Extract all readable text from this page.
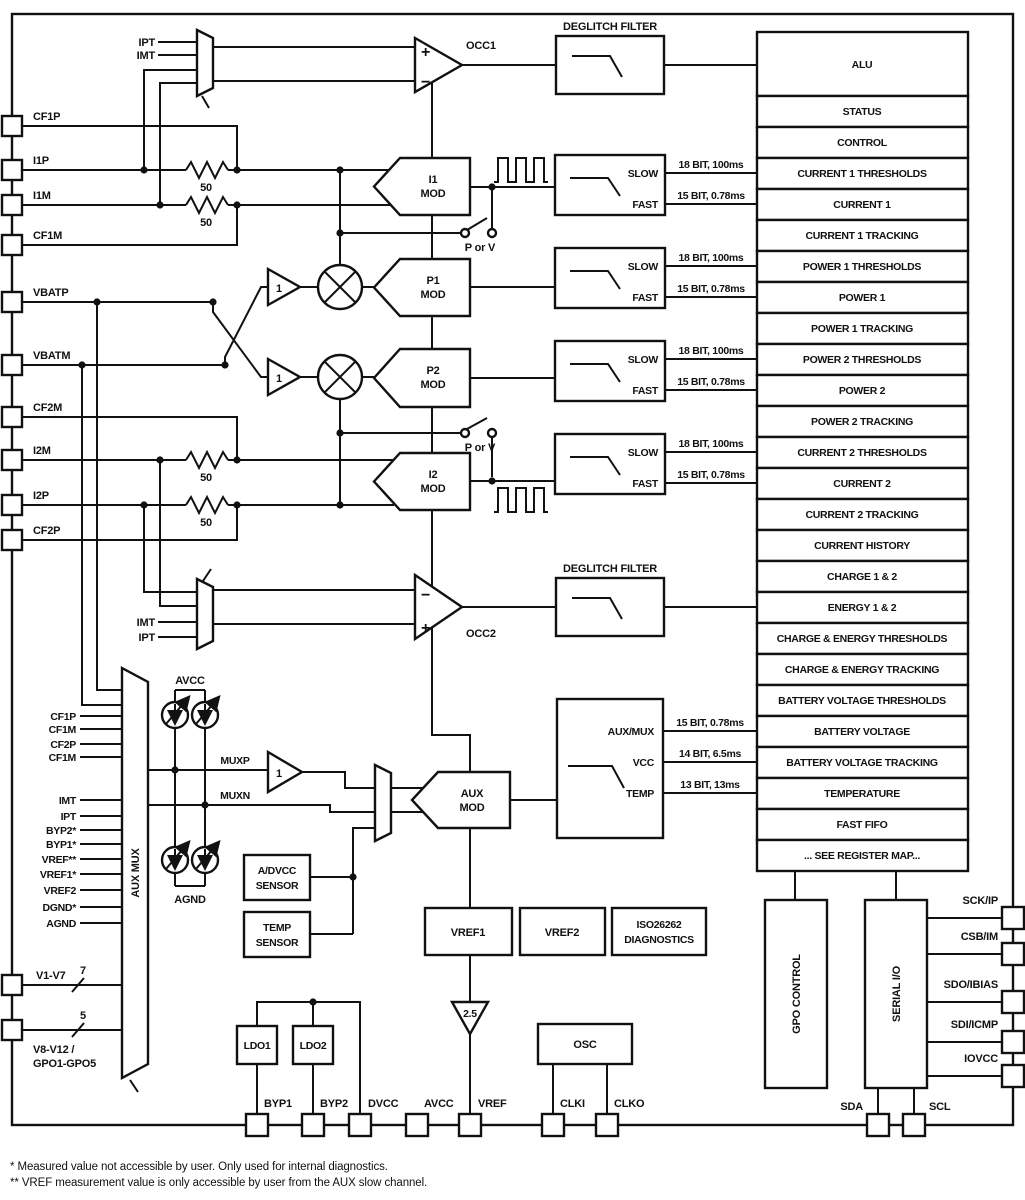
50
50
50
50
IPT
IMT	+
−
OCC1
DEGLITCH FILTER
I1
MOD
P1
MOD
P2
MOD
I2
MOD
P or V
P or V
1
1
SLOW
FAST
18 BIT, 100ms
15 BIT, 0.78ms
SLOW
FAST
18 BIT, 100ms
15 BIT, 0.78ms
SLOW
FAST
18 BIT, 100ms
15 BIT, 0.78ms
SLOW
FAST
18 BIT, 100ms
15 BIT, 0.78ms
IMT
IPT
−
+	OCC2
DEGLITCH FILTER
AUX MUX
CF1P
CF1M
CF2P
CF1M
IMT
IPT
BYP2*
BYP1*
VREF**
VREF1*
VREF2
DGND*
AGND
AVCC
AGND
MUXP
MUXN
1
AUX
MOD
AUX/MUX
VCC
TEMP
15 BIT, 0.78ms
14 BIT, 6.5ms
13 BIT, 13ms
A/DVCC
SENSOR
TEMP
SENSOR
VREF1	VREF2
ISO26262
DIAGNOSTICS
2.5
LDO1	LDO2	OSC
GPO CONTROL	SERIAL I/O
ALU
STATUS
CONTROL
CURRENT 1 THRESHOLDS
CURRENT 1
CURRENT 1 TRACKING
POWER 1 THRESHOLDS
POWER 1
POWER 1 TRACKING
POWER 2 THRESHOLDS
POWER 2
POWER 2 TRACKING
CURRENT 2 THRESHOLDS
CURRENT 2
CURRENT 2 TRACKING
CURRENT HISTORY
CHARGE 1 & 2
ENERGY 1 & 2
CHARGE & ENERGY THRESHOLDS
CHARGE & ENERGY TRACKING
BATTERY VOLTAGE THRESHOLDS
BATTERY VOLTAGE
BATTERY VOLTAGE TRACKING
TEMPERATURE
FAST FIFO
... SEE REGISTER MAP...
CF1P
I1P
I1M
CF1M
VBATP
VBATM
CF2M
I2M
I2P
CF2P
V1-V7 7
5
V8-V12 /
GPO1-GPO5
BYP1	BYP2 DVCC AVCC VREF	CLKI	CLKO	SDA	SCL
SCK/IP
CSB/IM
SDO/IBIAS
SDI/ICMP
IOVCC
* Measured value not accessible by user. Only used for internal diagnostics.
** VREF measurement value is only accessible by user from the AUX slow channel.
